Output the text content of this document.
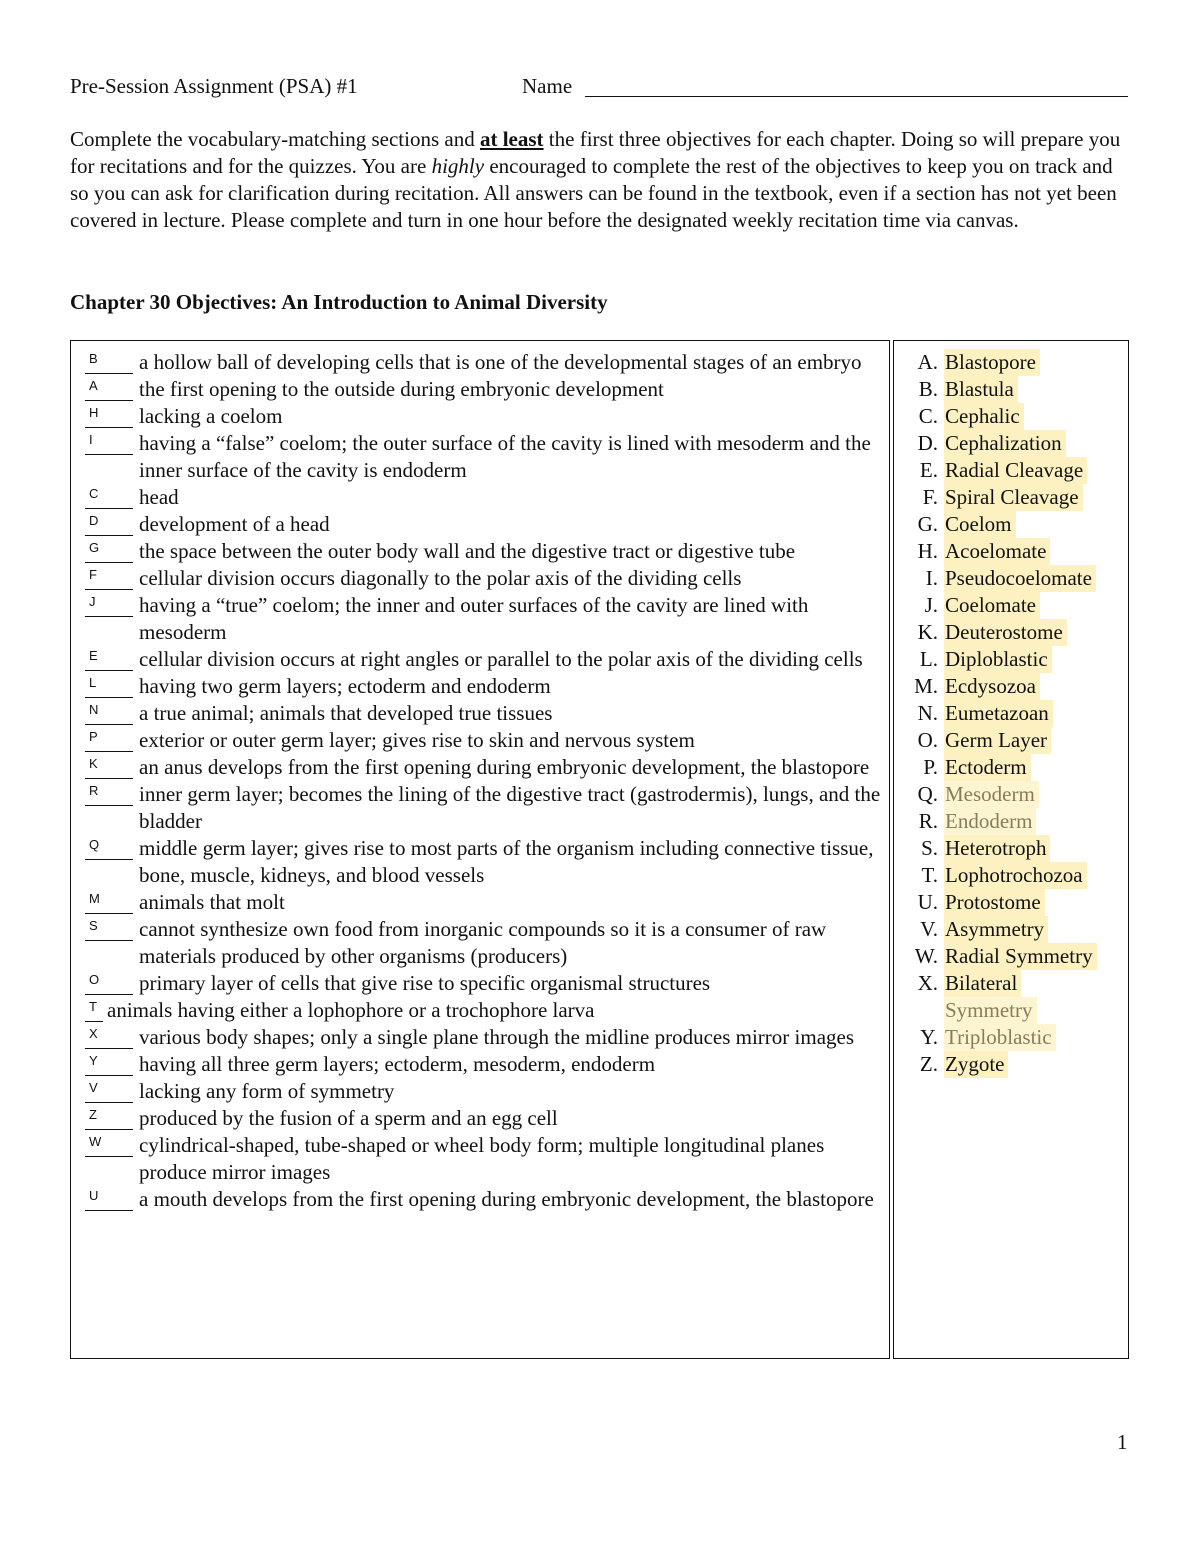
Pre-Session Assignment (PSA) #1	Name

Complete the vocabulary-matching sections and at least the first three objectives for each chapter. Doing so will prepare you for recitations and for the quizzes. You are highly encouraged to complete the rest of the objectives to keep you on track and so you can ask for clarification during recitation. All answers can be found in the textbook, even if a section has not yet been covered in lecture. Please complete and turn in one hour before the designated weekly recitation time via canvas.

Chapter 30 Objectives: An Introduction to Animal Diversity
B	a hollow ball of developing cells that is one of the developmental stages of an embryo
A	the first opening to the outside during embryonic development
H	lacking a coelom
I	having a “false” coelom; the outer surface of the cavity is lined with mesoderm and the inner surface of the cavity is endoderm
C	head
D	development of a head
G	the space between the outer body wall and the digestive tract or digestive tube
F	cellular division occurs diagonally to the polar axis of the dividing cells
J	having a “true” coelom; the inner and outer surfaces of the cavity are lined with mesoderm
E	cellular division occurs at right angles or parallel to the polar axis of the dividing cells
L	having two germ layers; ectoderm and endoderm
N	a true animal; animals that developed true tissues
P	exterior or outer germ layer; gives rise to skin and nervous system
K	an anus develops from the first opening during embryonic development, the blastopore
R	inner germ layer; becomes the lining of the digestive tract (gastrodermis), lungs, and the bladder
Q	middle germ layer; gives rise to most parts of the organism including connective tissue, bone, muscle, kidneys, and blood vessels
M	animals that molt
S	cannot synthesize own food from inorganic compounds so it is a consumer of raw materials produced by other organisms (producers)
O	primary layer of cells that give rise to specific organismal structures
T animals having either a lophophore or a trochophore larva
X	various body shapes; only a single plane through the midline produces mirror images
Y	having all three germ layers; ectoderm, mesoderm, endoderm
V	lacking any form of symmetry
Z	produced by the fusion of a sperm and an egg cell
W	cylindrical-shaped, tube-shaped or wheel body form; multiple longitudinal planes produce mirror images
U	a mouth develops from the first opening during embryonic development, the blastopore
A. Blastopore
B. Blastula
C. Cephalic
D. Cephalization
E. Radial Cleavage
F. Spiral Cleavage
G. Coelom
H. Acoelomate
I. Pseudocoelomate
J. Coelomate
K. Deuterostome
L. Diploblastic
M. Ecdysozoa
N. Eumetazoan
O. Germ Layer
P. Ectoderm
Q. Mesoderm
R. Endoderm
S. Heterotroph
T. Lophotrochozoa
U. Protostome
V. Asymmetry
W. Radial Symmetry
X. Bilateral
Symmetry
Y. Triploblastic
Z. Zygote
1
